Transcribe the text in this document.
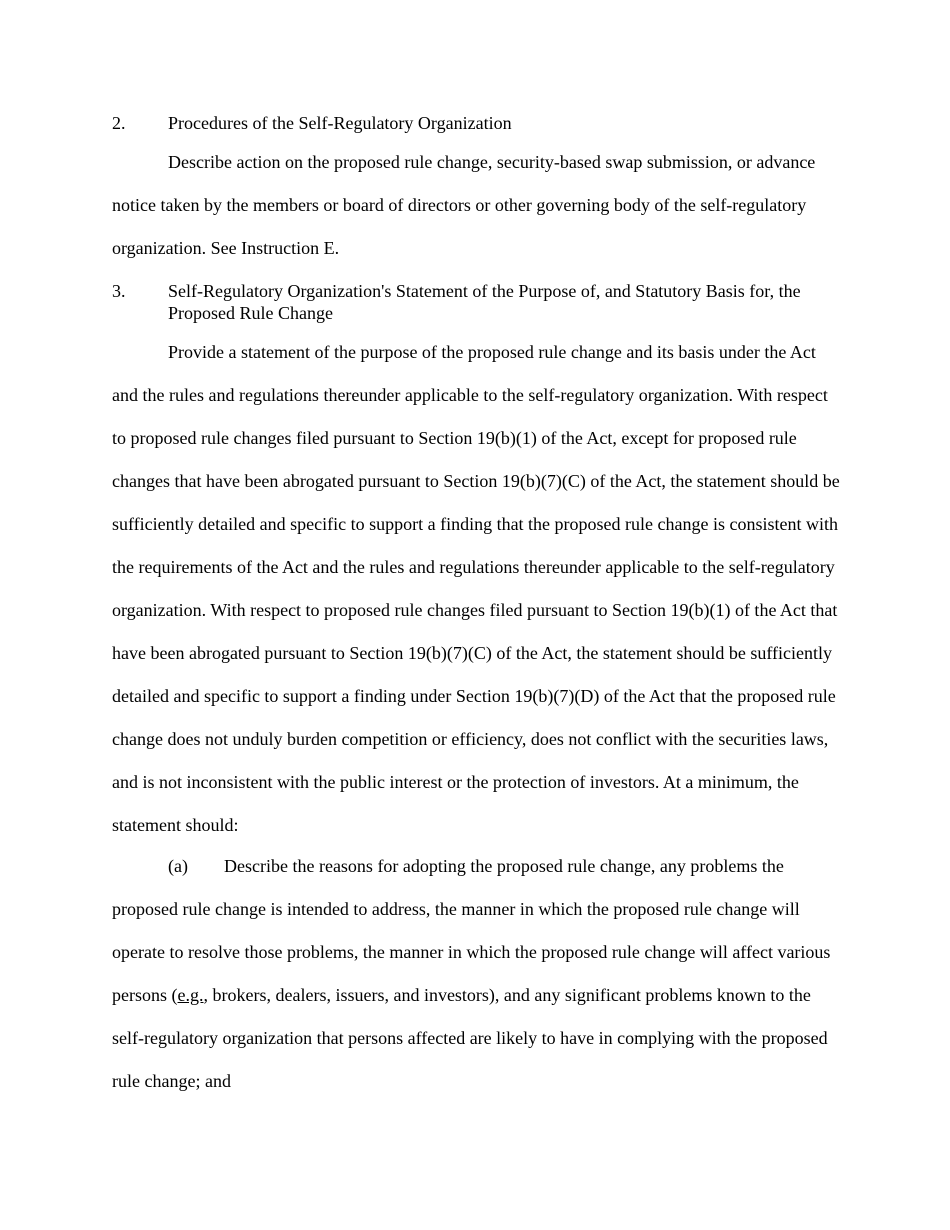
2. Procedures of the Self-Regulatory Organization

Describe action on the proposed rule change, security-based swap submission, or advance notice taken by the members or board of directors or other governing body of the self-regulatory organization. See Instruction E.

3. Self-Regulatory Organization's Statement of the Purpose of, and Statutory Basis for, the Proposed Rule Change

Provide a statement of the purpose of the proposed rule change and its basis under the Act and the rules and regulations thereunder applicable to the self-regulatory organization. With respect to proposed rule changes filed pursuant to Section 19(b)(1) of the Act, except for proposed rule changes that have been abrogated pursuant to Section 19(b)(7)(C) of the Act, the statement should be sufficiently detailed and specific to support a finding that the proposed rule change is consistent with the requirements of the Act and the rules and regulations thereunder applicable to the self-regulatory organization. With respect to proposed rule changes filed pursuant to Section 19(b)(1) of the Act that have been abrogated pursuant to Section 19(b)(7)(C) of the Act, the statement should be sufficiently detailed and specific to support a finding under Section 19(b)(7)(D) of the Act that the proposed rule change does not unduly burden competition or efficiency, does not conflict with the securities laws, and is not inconsistent with the public interest or the protection of investors. At a minimum, the statement should:

(a) Describe the reasons for adopting the proposed rule change, any problems the proposed rule change is intended to address, the manner in which the proposed rule change will operate to resolve those problems, the manner in which the proposed rule change will affect various persons (e.g., brokers, dealers, issuers, and investors), and any significant problems known to the self-regulatory organization that persons affected are likely to have in complying with the proposed rule change; and
